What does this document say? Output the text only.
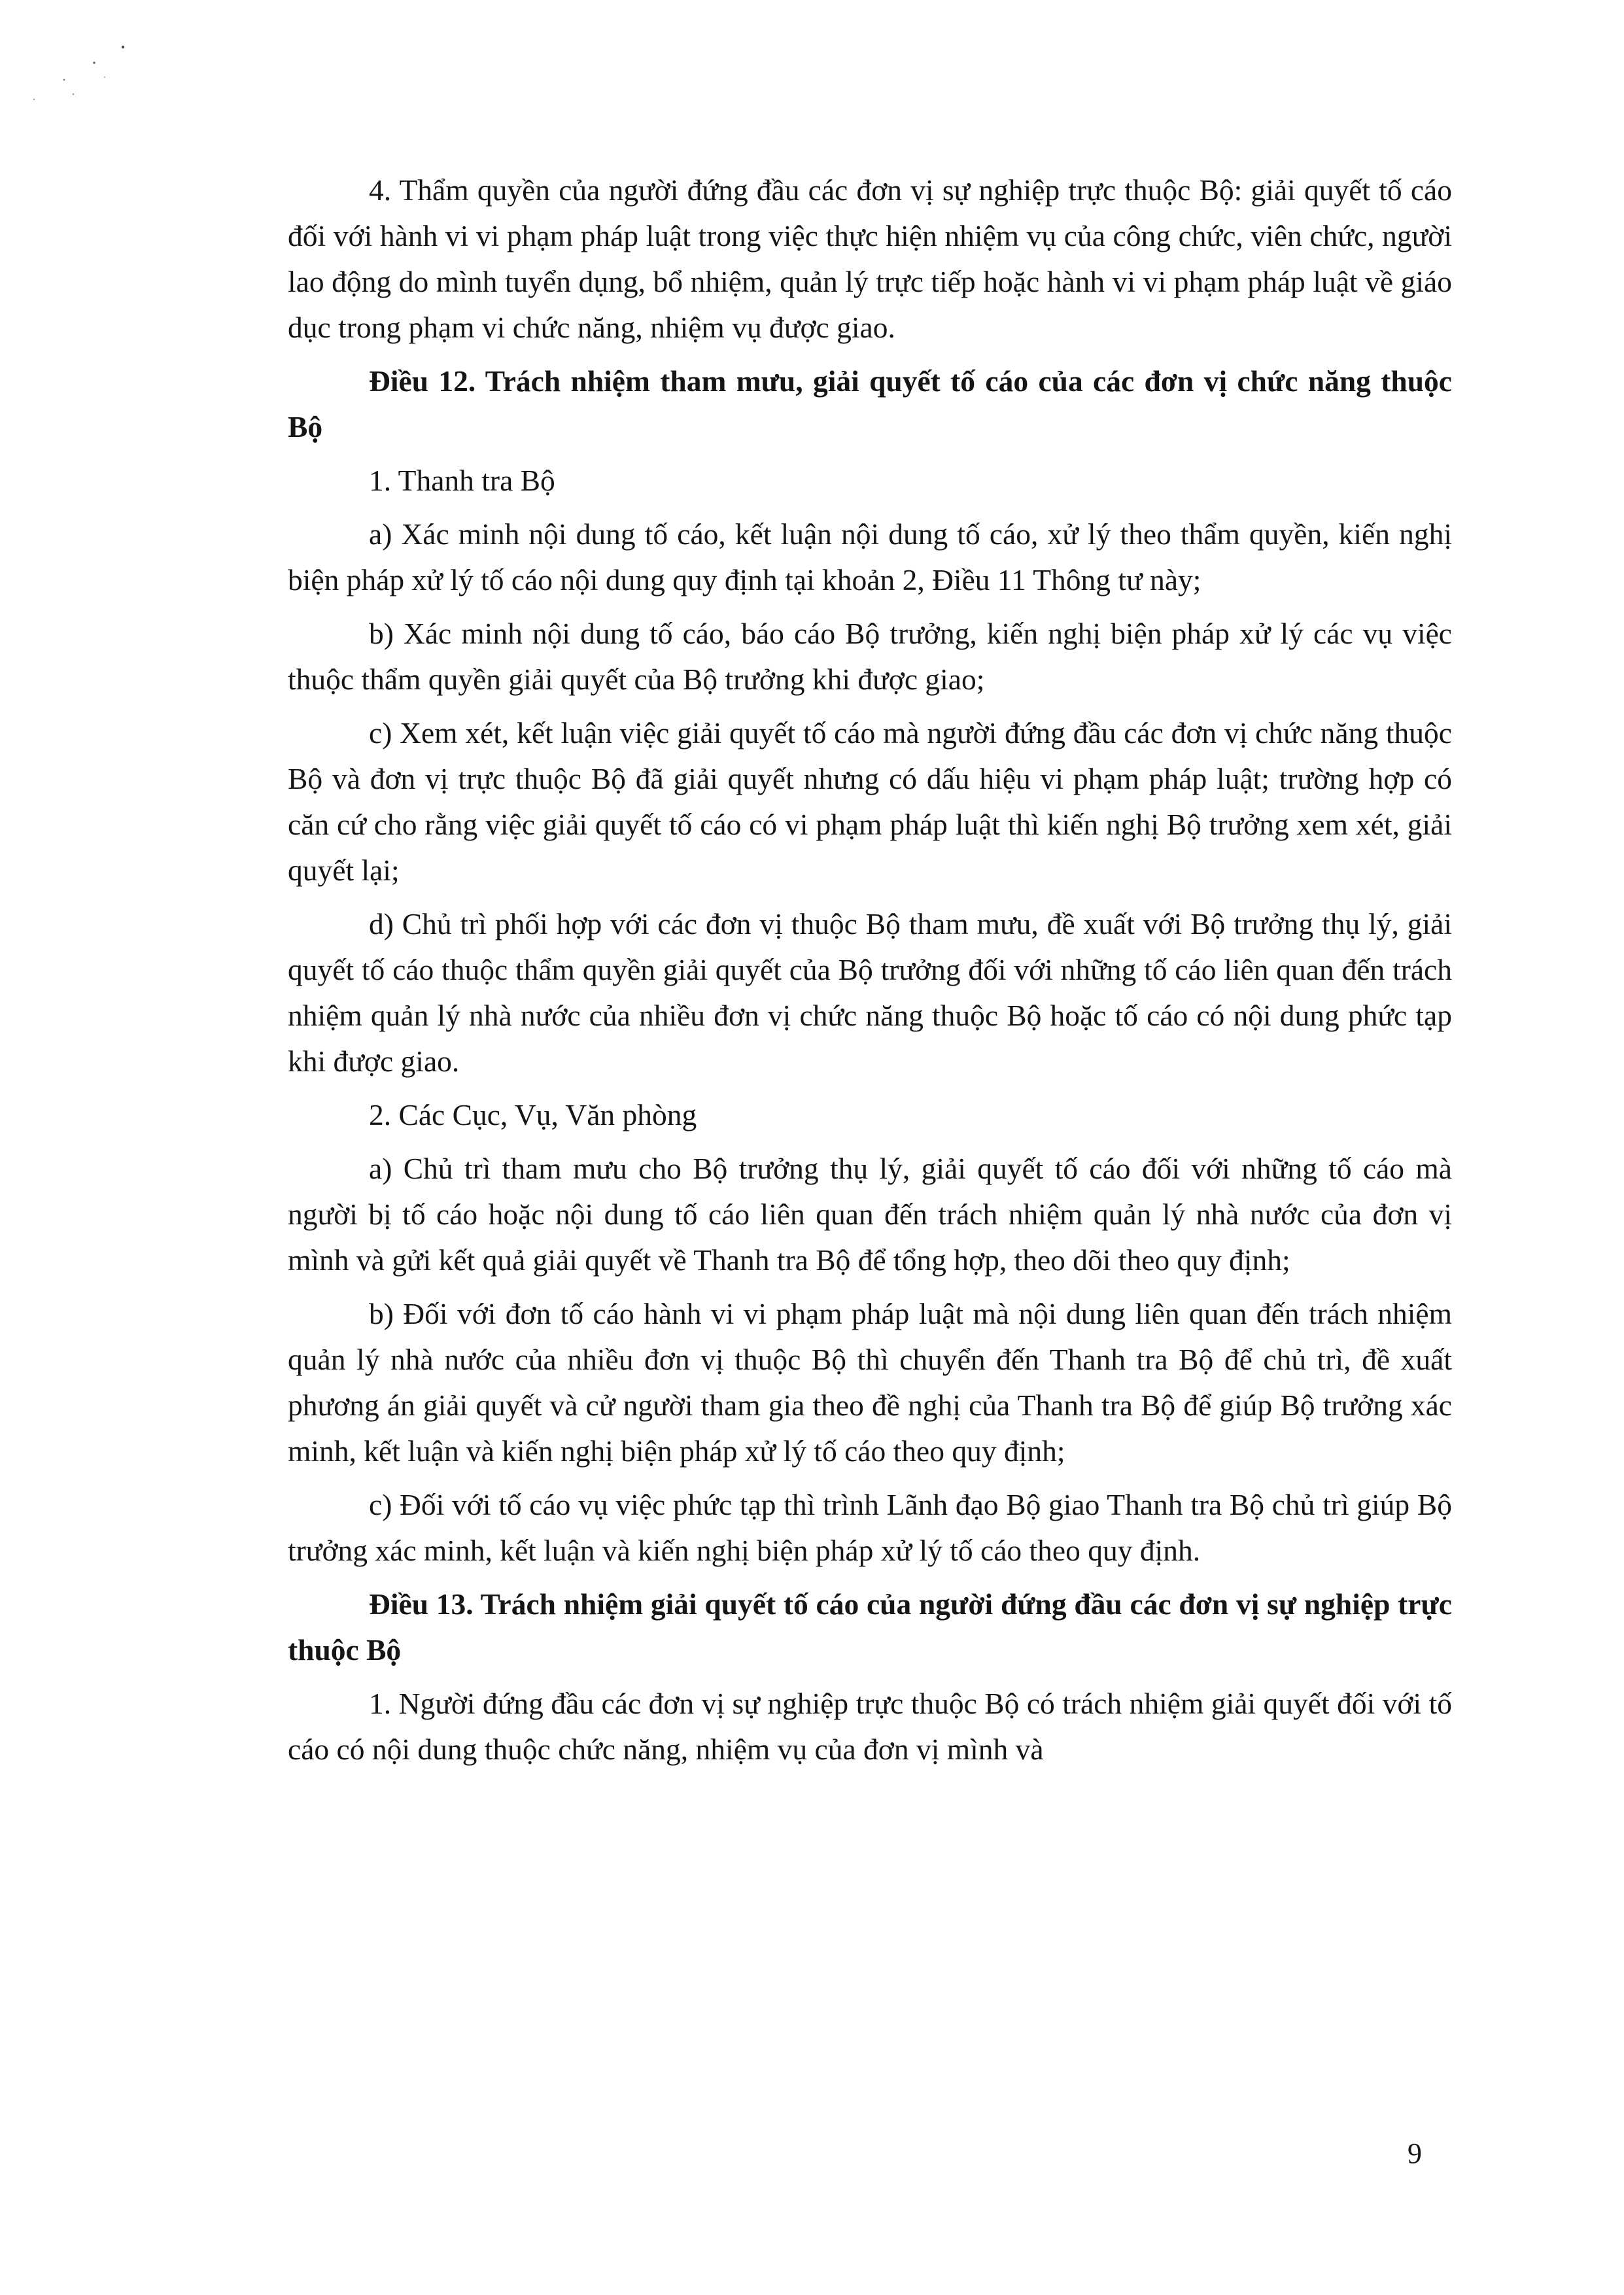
4. Thẩm quyền của người đứng đầu các đơn vị sự nghiệp trực thuộc Bộ: giải quyết tố cáo đối với hành vi vi phạm pháp luật trong việc thực hiện nhiệm vụ của công chức, viên chức, người lao động do mình tuyển dụng, bổ nhiệm, quản lý trực tiếp hoặc hành vi vi phạm pháp luật về giáo dục trong phạm vi chức năng, nhiệm vụ được giao.

Điều 12. Trách nhiệm tham mưu, giải quyết tố cáo của các đơn vị chức năng thuộc Bộ

1. Thanh tra Bộ

a) Xác minh nội dung tố cáo, kết luận nội dung tố cáo, xử lý theo thẩm quyền, kiến nghị biện pháp xử lý tố cáo nội dung quy định tại khoản 2, Điều 11 Thông tư này;

b) Xác minh nội dung tố cáo, báo cáo Bộ trưởng, kiến nghị biện pháp xử lý các vụ việc thuộc thẩm quyền giải quyết của Bộ trưởng khi được giao;

c) Xem xét, kết luận việc giải quyết tố cáo mà người đứng đầu các đơn vị chức năng thuộc Bộ và đơn vị trực thuộc Bộ đã giải quyết nhưng có dấu hiệu vi phạm pháp luật; trường hợp có căn cứ cho rằng việc giải quyết tố cáo có vi phạm pháp luật thì kiến nghị Bộ trưởng xem xét, giải quyết lại;

d) Chủ trì phối hợp với các đơn vị thuộc Bộ tham mưu, đề xuất với Bộ trưởng thụ lý, giải quyết tố cáo thuộc thẩm quyền giải quyết của Bộ trưởng đối với những tố cáo liên quan đến trách nhiệm quản lý nhà nước của nhiều đơn vị chức năng thuộc Bộ hoặc tố cáo có nội dung phức tạp khi được giao.

2. Các Cục, Vụ, Văn phòng

a) Chủ trì tham mưu cho Bộ trưởng thụ lý, giải quyết tố cáo đối với những tố cáo mà người bị tố cáo hoặc nội dung tố cáo liên quan đến trách nhiệm quản lý nhà nước của đơn vị mình và gửi kết quả giải quyết về Thanh tra Bộ để tổng hợp, theo dõi theo quy định;

b) Đối với đơn tố cáo hành vi vi phạm pháp luật mà nội dung liên quan đến trách nhiệm quản lý nhà nước của nhiều đơn vị thuộc Bộ thì chuyển đến Thanh tra Bộ để chủ trì, đề xuất phương án giải quyết và cử người tham gia theo đề nghị của Thanh tra Bộ để giúp Bộ trưởng xác minh, kết luận và kiến nghị biện pháp xử lý tố cáo theo quy định;

c) Đối với tố cáo vụ việc phức tạp thì trình Lãnh đạo Bộ giao Thanh tra Bộ chủ trì giúp Bộ trưởng xác minh, kết luận và kiến nghị biện pháp xử lý tố cáo theo quy định.

Điều 13. Trách nhiệm giải quyết tố cáo của người đứng đầu các đơn vị sự nghiệp trực thuộc Bộ

1. Người đứng đầu các đơn vị sự nghiệp trực thuộc Bộ có trách nhiệm giải quyết đối với tố cáo có nội dung thuộc chức năng, nhiệm vụ của đơn vị mình và

9
